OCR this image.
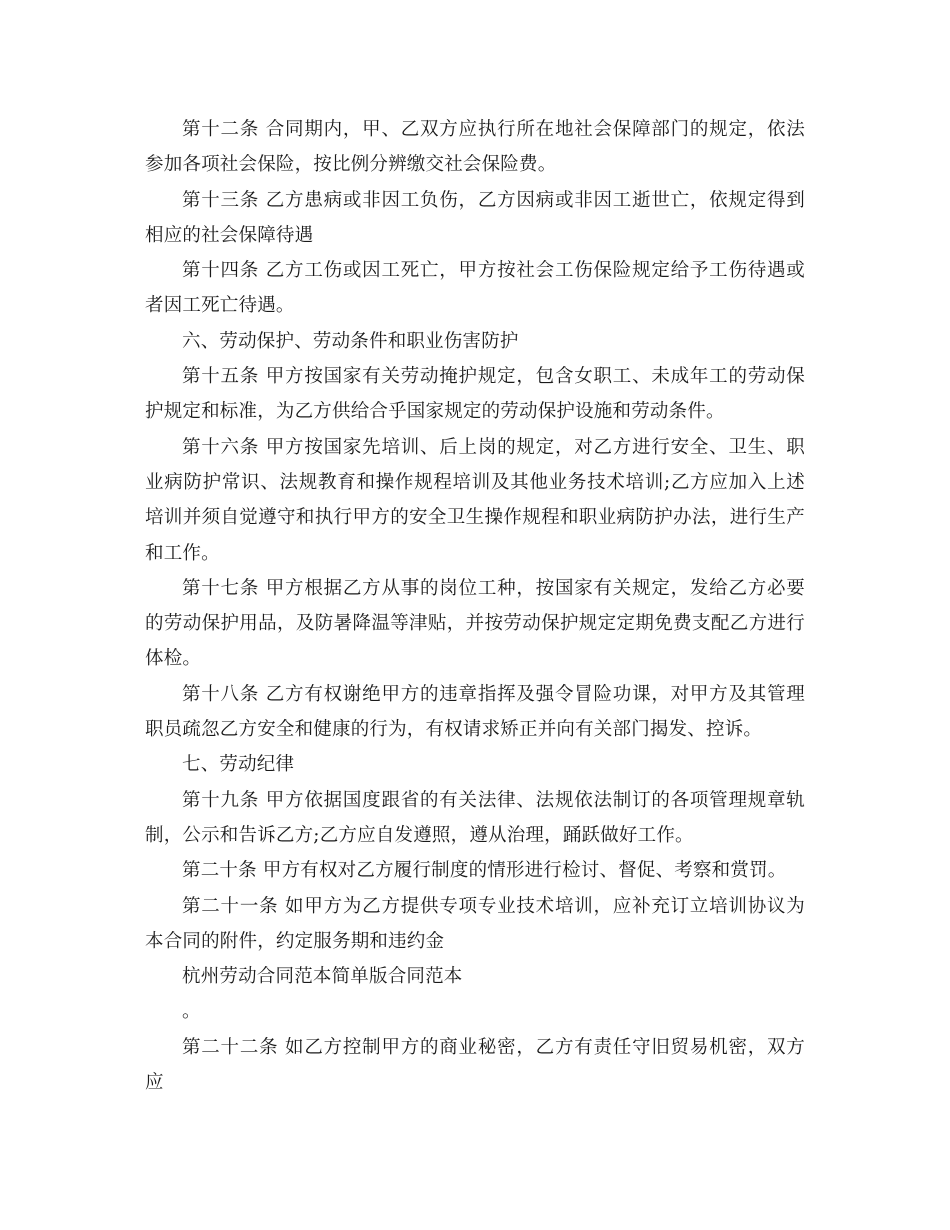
第十二条 合同期内，甲、乙双方应执行所在地社会保障部门的规定，依法参加各项社会保险，按比例分辨缴交社会保险费。

第十三条 乙方患病或非因工负伤，乙方因病或非因工逝世亡，依规定得到相应的社会保障待遇

第十四条 乙方工伤或因工死亡，甲方按社会工伤保险规定给予工伤待遇或者因工死亡待遇。

六、劳动保护、劳动条件和职业伤害防护

第十五条 甲方按国家有关劳动掩护规定，包含女职工、未成年工的劳动保护规定和标准，为乙方供给合乎国家规定的劳动保护设施和劳动条件。

第十六条 甲方按国家先培训、后上岗的规定，对乙方进行安全、卫生、职业病防护常识、法规教育和操作规程培训及其他业务技术培训;乙方应加入上述培训并须自觉遵守和执行甲方的安全卫生操作规程和职业病防护办法，进行生产和工作。

第十七条 甲方根据乙方从事的岗位工种，按国家有关规定，发给乙方必要的劳动保护用品，及防暑降温等津贴，并按劳动保护规定定期免费支配乙方进行体检。

第十八条 乙方有权谢绝甲方的违章指挥及强令冒险功课，对甲方及其管理职员疏忽乙方安全和健康的行为，有权请求矫正并向有关部门揭发、控诉。

七、劳动纪律

第十九条 甲方依据国度跟省的有关法律、法规依法制订的各项管理规章轨制，公示和告诉乙方;乙方应自发遵照，遵从治理，踊跃做好工作。

第二十条 甲方有权对乙方履行制度的情形进行检讨、督促、考察和赏罚。

第二十一条 如甲方为乙方提供专项专业技术培训，应补充订立培训协议为本合同的附件，约定服务期和违约金

杭州劳动合同范本简单版合同范本

。

第二十二条 如乙方控制甲方的商业秘密，乙方有责任守旧贸易机密，双方应
